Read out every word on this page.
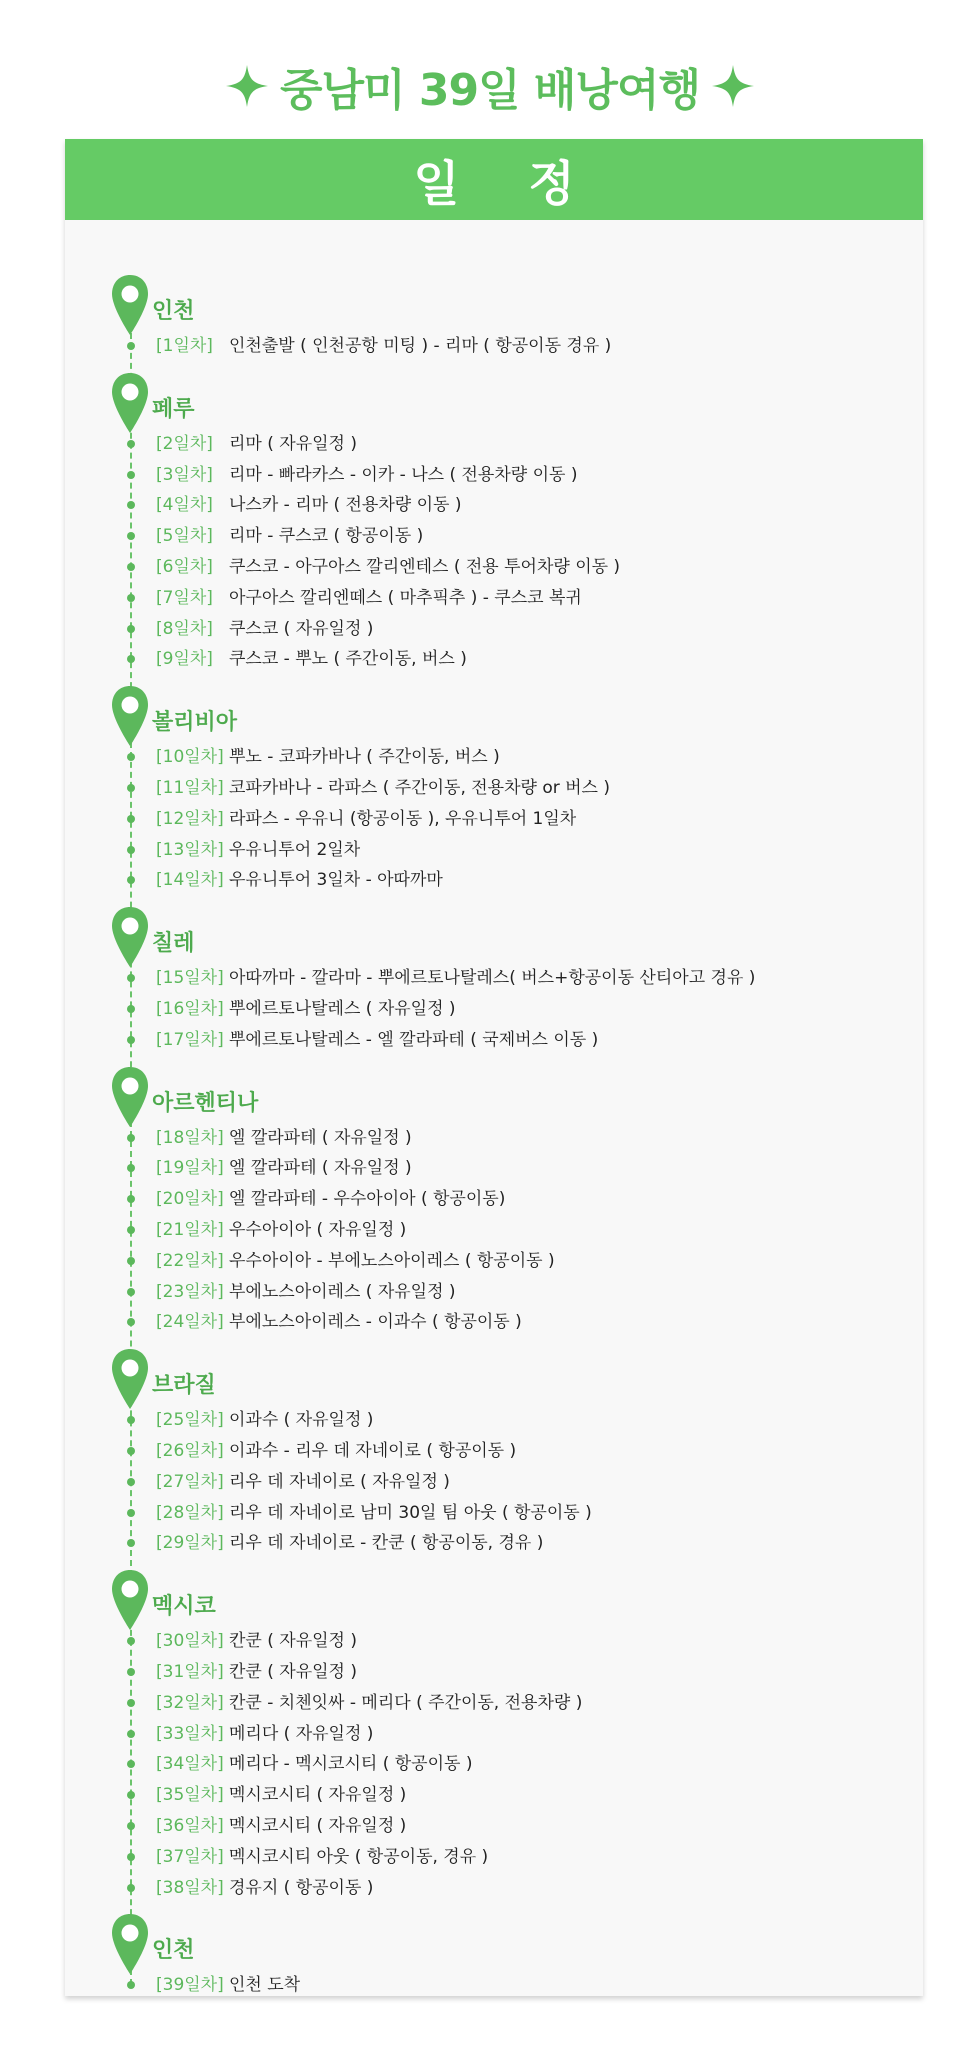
중남미 39일 배낭여행
일 정
인천
[1일차] 인천출발 ( 인천공항 미팅 ) - 리마 ( 항공이동 경유 )
페루
[2일차] 리마 ( 자유일정 )
[3일차] 리마 - 빠라카스 - 이카 - 나스 ( 전용차량 이동 )
[4일차] 나스카 - 리마 ( 전용차량 이동 )
[5일차] 리마 - 쿠스코 ( 항공이동 )
[6일차] 쿠스코 - 아구아스 깔리엔테스 ( 전용 투어차량 이동 )
[7일차] 아구아스 깔리엔떼스 ( 마추픽추 ) - 쿠스코 복귀
[8일차] 쿠스코 ( 자유일정 )
[9일차] 쿠스코 - 뿌노 ( 주간이동, 버스 )
볼리비아
[10일차] 뿌노 - 코파카바나 ( 주간이동, 버스 )
[11일차] 코파카바나 - 라파스 ( 주간이동, 전용차량 or 버스 )
[12일차] 라파스 - 우유니 (항공이동 ), 우유니투어 1일차
[13일차] 우유니투어 2일차
[14일차] 우유니투어 3일차 - 아따까마
칠레
[15일차] 아따까마 - 깔라마 - 뿌에르토나탈레스( 버스+항공이동 산티아고 경유 )
[16일차] 뿌에르토나탈레스 ( 자유일정 )
[17일차] 뿌에르토나탈레스 - 엘 깔라파테 ( 국제버스 이동 )
아르헨티나
[18일차] 엘 깔라파테 ( 자유일정 )
[19일차] 엘 깔라파테 ( 자유일정 )
[20일차] 엘 깔라파테 - 우수아이아 ( 항공이동)
[21일차] 우수아이아 ( 자유일정 )
[22일차] 우수아이아 - 부에노스아이레스 ( 항공이동 )
[23일차] 부에노스아이레스 ( 자유일정 )
[24일차] 부에노스아이레스 - 이과수 ( 항공이동 )
브라질
[25일차] 이과수 ( 자유일정 )
[26일차] 이과수 - 리우 데 자네이로 ( 항공이동 )
[27일차] 리우 데 자네이로 ( 자유일정 )
[28일차] 리우 데 자네이로 남미 30일 팀 아웃 ( 항공이동 )
[29일차] 리우 데 자네이로 - 칸쿤 ( 항공이동, 경유 )
멕시코
[30일차] 칸쿤 ( 자유일정 )
[31일차] 칸쿤 ( 자유일정 )
[32일차] 칸쿤 - 치첸잇싸 - 메리다 ( 주간이동, 전용차량 )
[33일차] 메리다 ( 자유일정 )
[34일차] 메리다 - 멕시코시티 ( 항공이동 )
[35일차] 멕시코시티 ( 자유일정 )
[36일차] 멕시코시티 ( 자유일정 )
[37일차] 멕시코시티 아웃 ( 항공이동, 경유 )
[38일차] 경유지 ( 항공이동 )
인천
[39일차] 인천 도착
